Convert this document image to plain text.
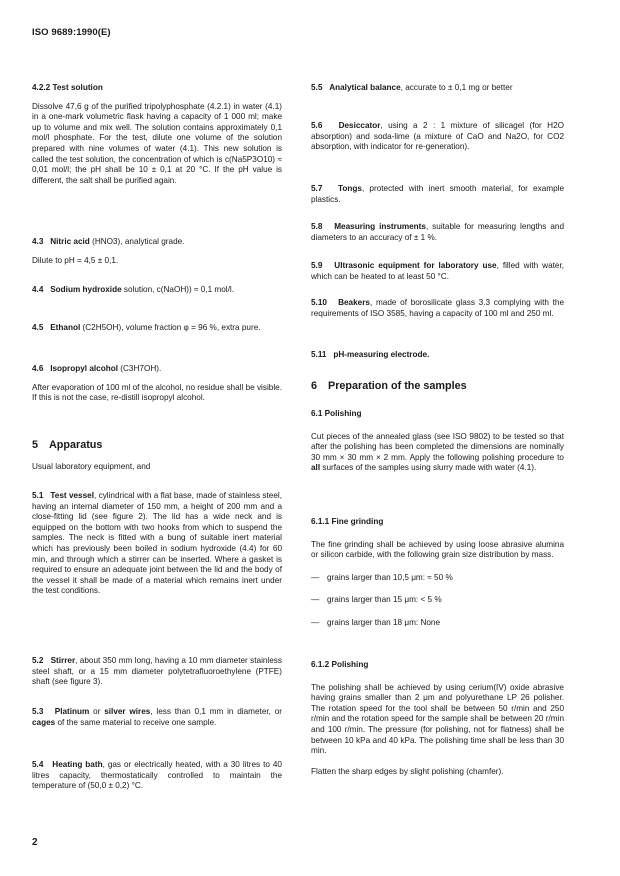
ISO 9689:1990(E)

4.2.2 Test solution

Dissolve 47,6 g of the purified tripolyphosphate (4.2.1) in water (4.1) in a one-mark volumetric flask having a capacity of 1 000 ml; make up to volume and mix well. The solution contains approximately 0,1 mol/l phosphate. For the test, dilute one volume of the solution prepared with nine volumes of water (4.1). This new solution is called the test solution, the concentration of which is c(Na5P3O10) ≈ 0,01 mol/l; the pH shall be 10 ± 0,1 at 20 °C. If the pH value is different, the salt shall be purified again.

4.3 Nitric acid (HNO3), analytical grade.

Dilute to pH = 4,5 ± 0,1.

4.4 Sodium hydroxide solution, c(NaOH)) ≈ 0,1 mol/l.

4.5 Ethanol (C2H5OH), volume fraction φ = 96 %, extra pure.

4.6 Isopropyl alcohol (C3H7OH).

After evaporation of 100 ml of the alcohol, no residue shall be visible. If this is not the case, re-distill isopropyl alcohol.

5 Apparatus

Usual laboratory equipment, and

5.1 Test vessel, cylindrical with a flat base, made of stainless steel, having an internal diameter of 150 mm, a height of 200 mm and a close-fitting lid (see figure 2). The lid has a wide neck and is equipped on the bottom with two hooks from which to suspend the samples. The neck is fitted with a bung of suitable inert material which has previously been boiled in sodium hydroxide (4.4) for 60 min, and through which a stirrer can be inserted. Where a gasket is required to ensure an adequate joint between the lid and the body of the vessel it shall be made of a material which remains inert under the test conditions.

5.2 Stirrer, about 350 mm long, having a 10 mm diameter stainless steel shaft, or a 15 mm diameter polytetrafluoroethylene (PTFE) shaft (see figure 3).

5.3 Platinum or silver wires, less than 0,1 mm in diameter, or cages of the same material to receive one sample.

5.4 Heating bath, gas or electrically heated, with a 30 litres to 40 litres capacity, thermostatically controlled to maintain the temperature of (50,0 ± 0,2) °C.

5.5 Analytical balance, accurate to ± 0,1 mg or better

5.6 Desiccator, using a 2 : 1 mixture of silicagel (for H2O absorption) and soda-lime (a mixture of CaO and Na2O, for CO2 absorption, with indicator for re-generation).

5.7 Tongs, protected with inert smooth material, for example plastics.

5.8 Measuring instruments, suitable for measuring lengths and diameters to an accuracy of ± 1 %.

5.9 Ultrasonic equipment for laboratory use, filled with water, which can be heated to at least 50 °C.

5.10 Beakers, made of borosilicate glass 3.3 complying with the requirements of ISO 3585, having a capacity of 100 ml and 250 ml.

5.11 pH-measuring electrode.

6 Preparation of the samples

6.1 Polishing

Cut pieces of the annealed glass (see ISO 9802) to be tested so that after the polishing has been completed the dimensions are nominally 30 mm × 30 mm × 2 mm. Apply the following polishing procedure to all surfaces of the samples using slurry made with water (4.1).

6.1.1 Fine grinding

The fine grinding shall be achieved by using loose abrasive alumina or silicon carbide, with the following grain size distribution by mass.

— grains larger than 10,5 μm: ≈ 50 %

— grains larger than 15 μm: < 5 %

— grains larger than 18 μm: None

6.1.2 Polishing

The polishing shall be achieved by using cerium(IV) oxide abrasive having grains smaller than 2 μm and polyurethane LP 26 polisher. The rotation speed for the tool shall be between 50 r/min and 250 r/min and the rotation speed for the sample shall be between 20 r/min and 100 r/min. The pressure (for polishing, not for flatness) shall be between 10 kPa and 40 kPa. The polishing time shall be less than 30 min.

Flatten the sharp edges by slight polishing (chamfer).

2
